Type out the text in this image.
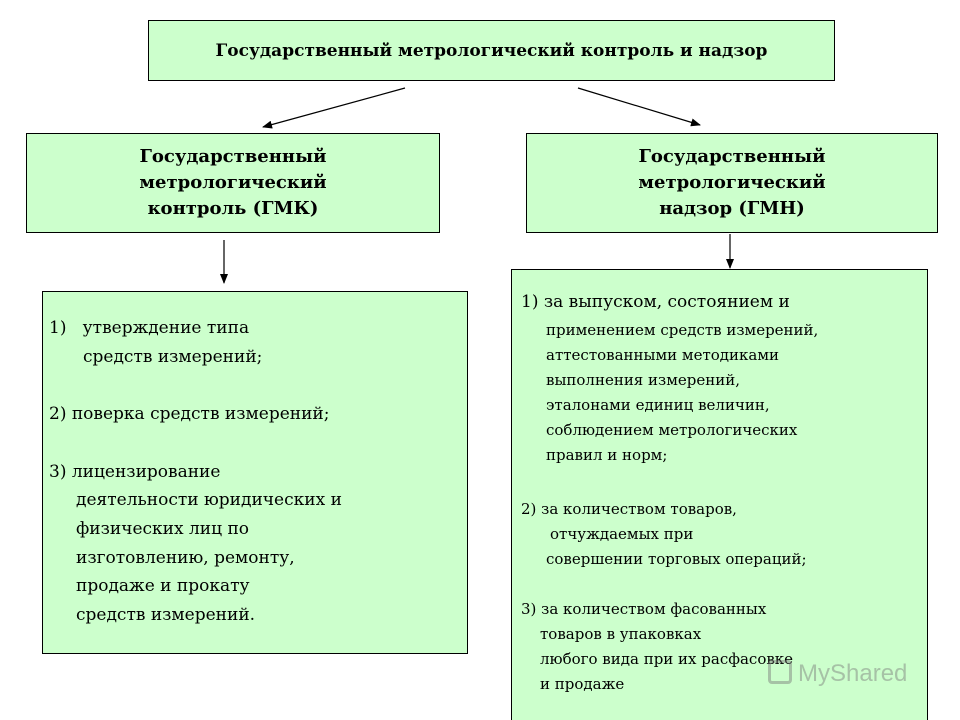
Государственный метрологический контроль и надзор
Государственный
метрологический
контроль (ГМК)
Государственный
метрологический
надзор (ГМН)
1)   утверждение типа
средств измерений;
2) поверка средств измерений;
3) лицензирование
деятельности юридических и
физических лиц по
изготовлению, ремонту,
продаже и прокату
средств измерений.
1) за выпуском, состоянием и
применением средств измерений,
аттестованными методиками
выполнения измерений,
эталонами единиц величин,
соблюдением метрологических
правил и норм;
2) за количеством товаров,
отчуждаемых при
совершении торговых операций;
3) за количеством фасованных
товаров в упаковках
любого вида при их расфасовке
и продаже	MyShared
